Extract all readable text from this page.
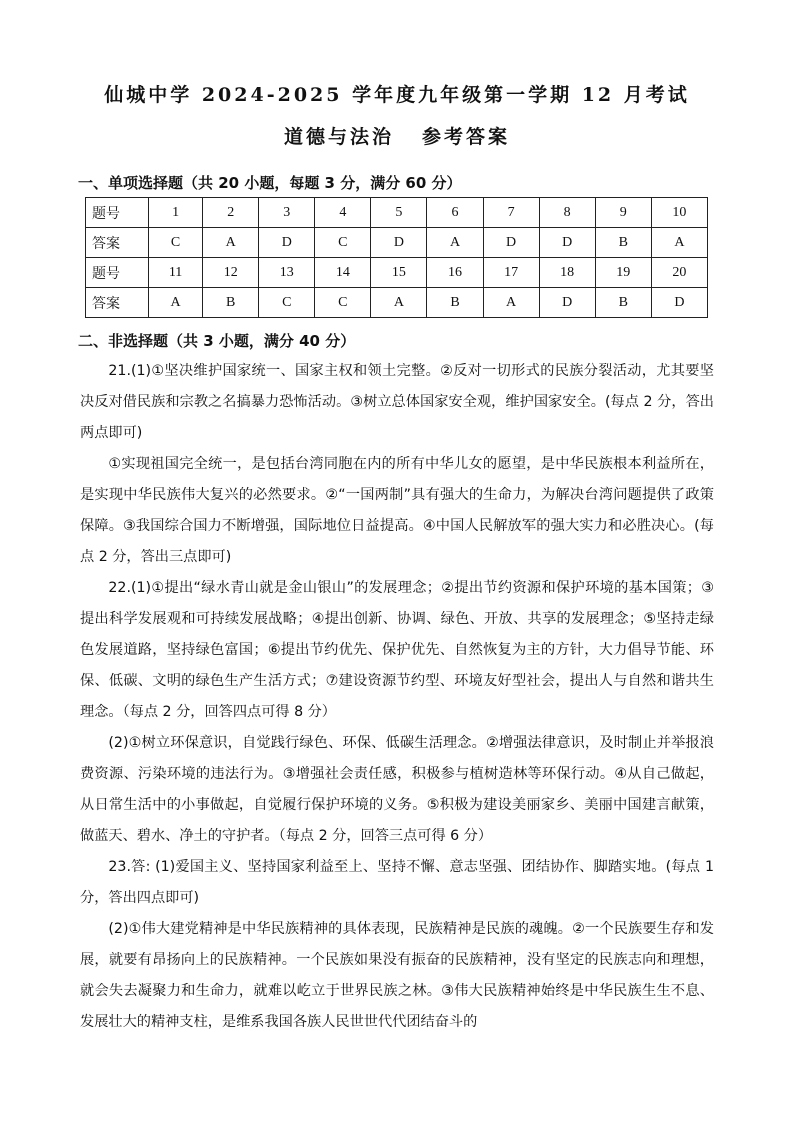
仙城中学 2024-2025 学年度九年级第一学期 12 月考试
道德与法治 参考答案
一、单项选择题（共 20 小题，每题 3 分，满分 60 分）
题号	1	2	3	4	5	6	7	8	9	10
答案	C	A	D	C	D	A	D	D	B	A
题号	11	12	13	14	15	16	17	18	19	20
答案	A	B	C	C	A	B	A	D	B	D
二、非选择题（共 3 小题，满分 40 分）

21.(1)①坚决维护国家统一、国家主权和领土完整。②反对一切形式的民族分裂活动，尤其要坚决反对借民族和宗教之名搞暴力恐怖活动。③树立总体国家安全观，维护国家安全。(每点 2 分，答出两点即可)

①实现祖国完全统一，是包括台湾同胞在内的所有中华儿女的愿望，是中华民族根本利益所在，是实现中华民族伟大复兴的必然要求。②“一国两制”具有强大的生命力，为解决台湾问题提供了政策保障。③我国综合国力不断增强，国际地位日益提高。④中国人民解放军的强大实力和必胜决心。(每点 2 分，答出三点即可)

22.(1)①提出“绿水青山就是金山银山”的发展理念；②提出节约资源和保护环境的基本国策；③提出科学发展观和可持续发展战略；④提出创新、协调、绿色、开放、共享的发展理念；⑤坚持走绿色发展道路，坚持绿色富国；⑥提出节约优先、保护优先、自然恢复为主的方针，大力倡导节能、环保、低碳、文明的绿色生产生活方式；⑦建设资源节约型、环境友好型社会，提出人与自然和谐共生理念。（每点 2 分，回答四点可得 8 分）

(2)①树立环保意识，自觉践行绿色、环保、低碳生活理念。②增强法律意识，及时制止并举报浪费资源、污染环境的违法行为。③增强社会责任感，积极参与植树造林等环保行动。④从自己做起，从日常生活中的小事做起，自觉履行保护环境的义务。⑤积极为建设美丽家乡、美丽中国建言献策，做蓝天、碧水、净土的守护者。（每点 2 分，回答三点可得 6 分）

23.答: (1)爱国主义、坚持国家利益至上、坚持不懈、意志坚强、团结协作、脚踏实地。(每点 1 分，答出四点即可)

(2)①伟大建党精神是中华民族精神的具体表现，民族精神是民族的魂魄。②一个民族要生存和发展，就要有昂扬向上的民族精神。一个民族如果没有振奋的民族精神，没有坚定的民族志向和理想，就会失去凝聚力和生命力，就难以屹立于世界民族之林。③伟大民族精神始终是中华民族生生不息、发展壮大的精神支柱，是维系我国各族人民世世代代团结奋斗的
